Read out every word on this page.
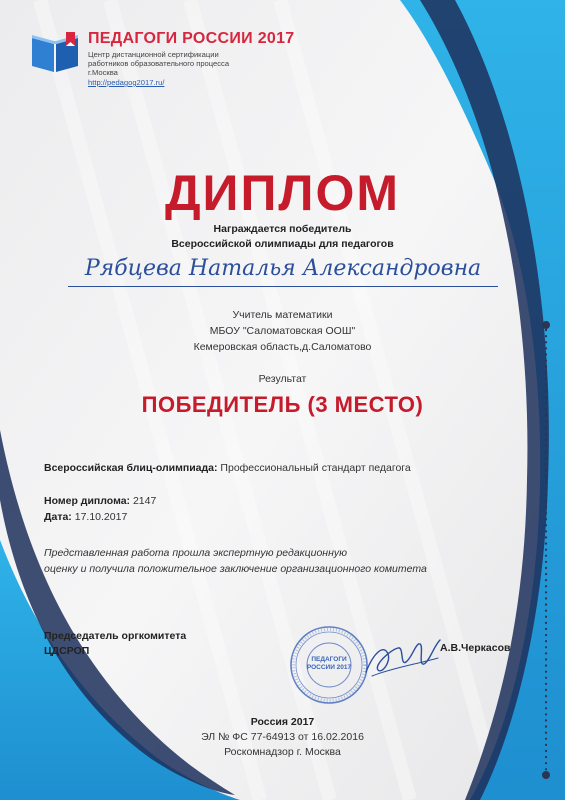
ПЕДАГОГИ РОССИИ 2017
Центр дистанционной сертификации
работников образовательного процесса
г.Москва
http://pedagog2017.ru/
ДИПЛОМ
Награждается победитель
Всероссийской олимпиады для педагогов
Рябцева Наталья Александровна
Учитель математики
МБОУ "Саломатовская ООШ"
Кемеровская область,д.Саломатово
Результат
ПОБЕДИТЕЛЬ (3 МЕСТО)
Всероссийская блиц-олимпиада: Профессиональный стандарт педагога
Номер диплома: 2147
Дата: 17.10.2017
Представленная работа прошла экспертную редакционную
оценку и получила положительное заключение организационного комитета
Председатель оргкомитета
ЦДСРОП
ПЕДАГОГИ
РОССИИ 2017
А.В.Черкасов
Россия 2017
ЭЛ № ФС 77-64913 от 16.02.2016
Роскомнадзор г. Москва
